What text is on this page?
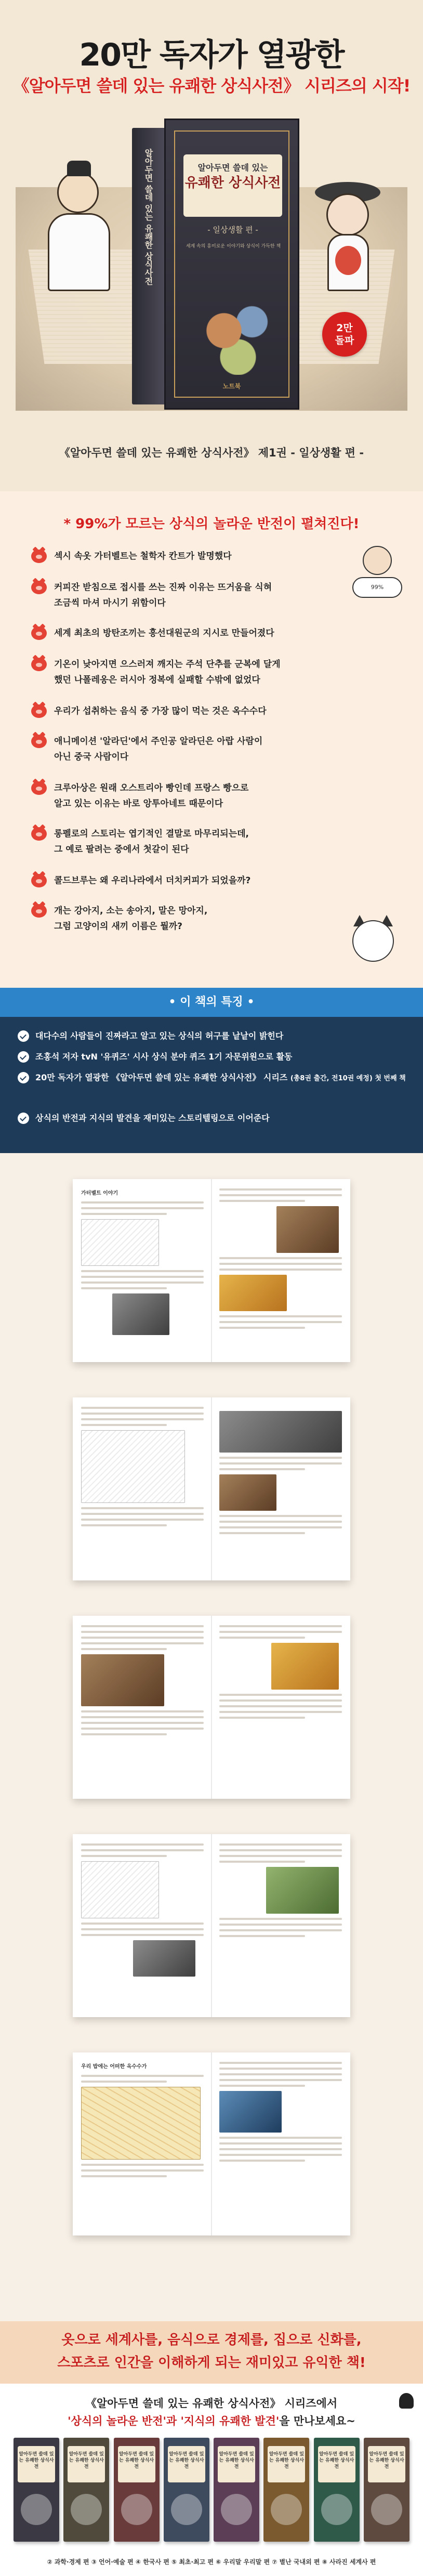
20만 독자가 열광한
《알아두면 쓸데 있는 유쾌한 상식사전》 시리즈의 시작!
알아두면 쓸데 있는 유쾌한 상식사전	알아두면 쓸데 있는
유쾌한 상식사전
- 일상생활 편 -
세계 속의 흥미로운 이야기와 상식이 가득한 책
노트북
2만
돌파
《알아두면 쓸데 있는 유쾌한 상식사전》 제1권 - 일상생활 편 -
* 99%가 모르는 상식의 놀라운 반전이 펼쳐진다!
99%
섹시 속옷 가터벨트는 철학자 칸트가 발명했다
커피잔 받침으로 접시를 쓰는 진짜 이유는 뜨거움을 식혀
조금씩 마셔 마시기 위함이다
세계 최초의 방탄조끼는 흥선대원군의 지시로 만들어졌다
기온이 낮아지면 으스러져 깨지는 주석 단추를 군복에 달게
했던 나폴레옹은 러시아 정복에 실패할 수밖에 없었다
우리가 섭취하는 음식 중 가장 많이 먹는 것은 옥수수다
애니메이션 '알라딘'에서 주인공 알라딘은 아랍 사람이
아닌 중국 사람이다
크루아상은 원래 오스트리아 빵인데 프랑스 빵으로
알고 있는 이유는 바로 앙투아네트 때문이다
롱펠로의 스토리는 엽기적인 결말로 마무리되는데,
그 예로 팔려는 중에서 첫갈이 된다
콜드브루는 왜 우리나라에서 더치커피가 되었을까?
개는 강아지, 소는 송아지, 말은 망아지,
그럼 고양이의 새끼 이름은 뭘까?
• 이 책의 특징 •
대다수의 사람들이 진짜라고 알고 있는 상식의 허구를 낱낱이 밝힌다
조홍석 저자 tvN '유퀴즈' 시사 상식 분야 퀴즈 1기 자문위원으로 활동
20만 독자가 열광한 《알아두면 쓸데 있는 유쾌한 상식사전》 시리즈 (총8권 출간, 전10권 예정) 첫 번째 책
상식의 반전과 지식의 발견을 재미있는 스토리텔링으로 이어준다
가터벨트 이야기
우리 밥에는 어떠한 옥수수가
옷으로 세계사를, 음식으로 경제를, 집으로 신화를,
스포츠로 인간을 이해하게 되는 재미있고 유익한 책!
《알아두면 쓸데 있는 유쾌한 상식사전》 시리즈에서
'상식의 놀라운 반전'과 '지식의 유쾌한 발견'을 만나보세요~
알아두면 쓸데 있는 유쾌한 상식사전
알아두면 쓸데 있는 유쾌한 상식사전
알아두면 쓸데 있는 유쾌한 상식사전
알아두면 쓸데 있는 유쾌한 상식사전
알아두면 쓸데 있는 유쾌한 상식사전
알아두면 쓸데 있는 유쾌한 상식사전
알아두면 쓸데 있는 유쾌한 상식사전
알아두면 쓸데 있는 유쾌한 상식사전
② 과학·경제 편 ③ 언어·예술 편 ④ 한국사 편 ⑤ 최초·최고 편 ⑥ 우리말 우리말 편 ⑦ 별난 국내외 편 ⑧ 사라진 세계사 편
